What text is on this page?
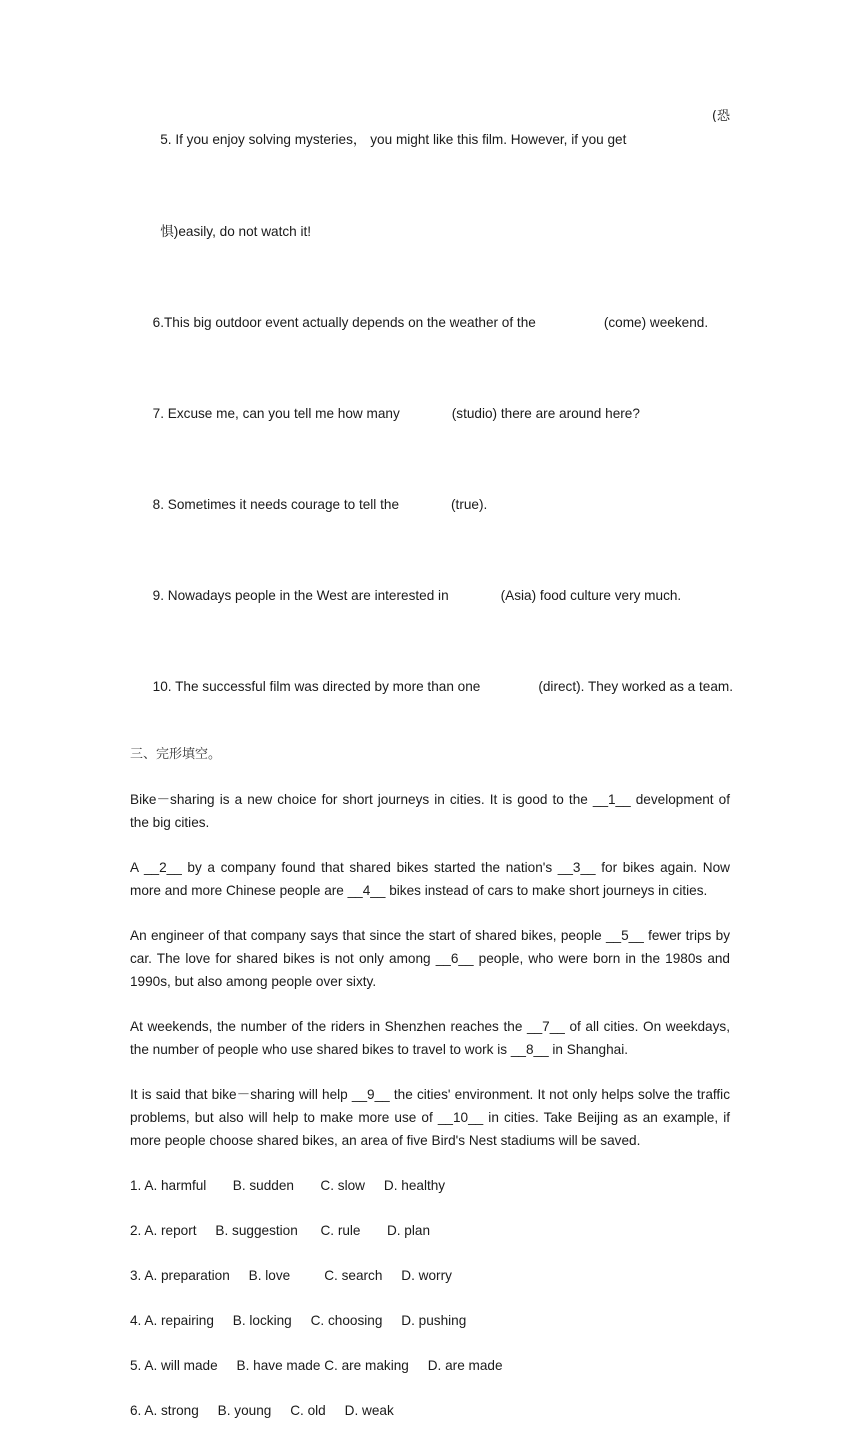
5. If you enjoy solving mysteries， you might like this film. However, if you get

(恐

惧)easily, do not watch it!

6.This big outdoor event actually depends on the weather of the	(come) weekend.

7. Excuse me, can you tell me how many	(studio) there are around here?

8. Sometimes it needs courage to tell the	(true).

9. Nowadays people in the West are interested in	(Asia) food culture very much.

10. The successful film was directed by more than one	(direct). They worked as a team.

三、完形填空。

Bike－sharing is a new choice for short journeys in cities. It is good to the __1__ development of the big cities.

A __2__ by a company found that shared bikes started the nation's __3__ for bikes again. Now more and more Chinese people are __4__ bikes instead of cars to make short journeys in cities.

An engineer of that company says that since the start of shared bikes, people __5__ fewer trips by car. The love for shared bikes is not only among __6__ people, who were born in the 1980s and 1990s, but also among people over sixty.

At weekends, the number of the riders in Shenzhen reaches the __7__ of all cities. On weekdays, the number of people who use shared bikes to travel to work is __8__ in Shanghai.

It is said that bike－sharing will help __9__ the cities' environment. It not only helps solve the traffic problems, but also will help to make more use of __10__ in cities. Take Beijing as an example, if more people choose shared bikes, an area of five Bird's Nest stadiums will be saved.

1. A. harmful B. sudden C. slow D. healthy
2. A. report B. suggestion C. rule D. plan
3. A. preparation B. love	C. search D. worry
4. A. repairing B. locking C. choosing D. pushing
5. A. will made B. have made C. are making D. are made
6. A. strong B. young C. old D. weak
